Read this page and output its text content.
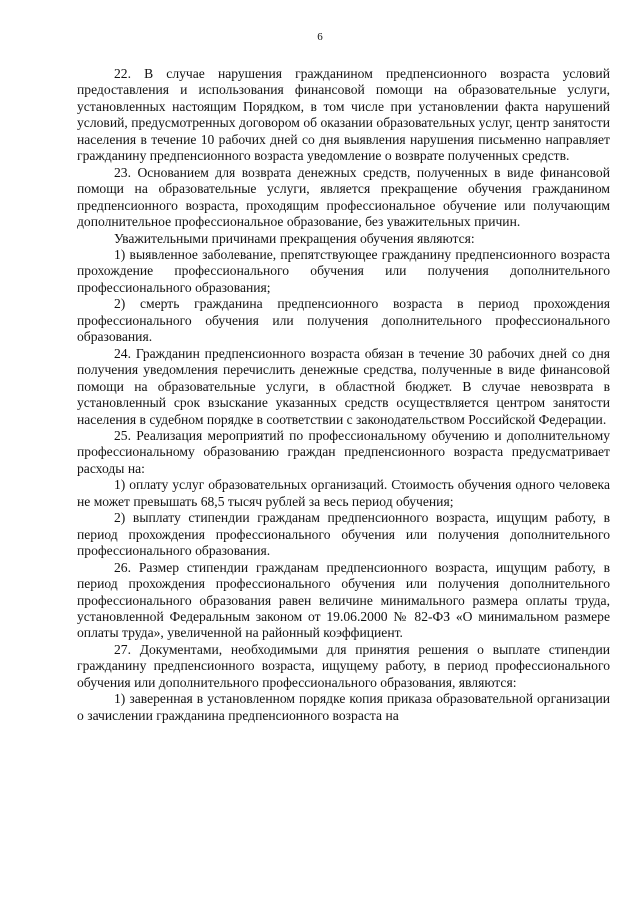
6

22. В случае нарушения гражданином предпенсионного возраста условий предоставления и использования финансовой помощи на образовательные услуги, установленных настоящим Порядком, в том числе при установлении факта нарушений условий, предусмотренных договором об оказании образовательных услуг, центр занятости населения в течение 10 рабочих дней со дня выявления нарушения письменно направляет гражданину предпенсионного возраста уведомление о возврате полученных средств.

23. Основанием для возврата денежных средств, полученных в виде финансовой помощи на образовательные услуги, является прекращение обучения гражданином предпенсионного возраста, проходящим профессиональное обучение или получающим дополнительное профессиональное образование, без уважительных причин.

Уважительными причинами прекращения обучения являются:

1) выявленное заболевание, препятствующее гражданину предпенсионного возраста прохождение профессионального обучения или получения дополнительного профессионального образования;

2) смерть гражданина предпенсионного возраста в период прохождения профессионального обучения или получения дополнительного профессионального образования.

24. Гражданин предпенсионного возраста обязан в течение 30 рабочих дней со дня получения уведомления перечислить денежные средства, полученные в виде финансовой помощи на образовательные услуги, в областной бюджет. В случае невозврата в установленный срок взыскание указанных средств осуществляется центром занятости населения в судебном порядке в соответствии с законодательством Российской Федерации.

25. Реализация мероприятий по профессиональному обучению и дополнительному профессиональному образованию граждан предпенсионного возраста предусматривает расходы на:

1) оплату услуг образовательных организаций. Стоимость обучения одного человека не может превышать 68,5 тысяч рублей за весь период обучения;

2) выплату стипендии гражданам предпенсионного возраста, ищущим работу, в период прохождения профессионального обучения или получения дополнительного профессионального образования.

26. Размер стипендии гражданам предпенсионного возраста, ищущим работу, в период прохождения профессионального обучения или получения дополнительного профессионального образования равен величине минимального размера оплаты труда, установленной Федеральным законом от 19.06.2000 № 82-ФЗ «О минимальном размере оплаты труда», увеличенной на районный коэффициент.

27. Документами, необходимыми для принятия решения о выплате стипендии гражданину предпенсионного возраста, ищущему работу, в период профессионального обучения или дополнительного профессионального образования, являются:

1) заверенная в установленном порядке копия приказа образовательной организации о зачислении гражданина предпенсионного возраста на
